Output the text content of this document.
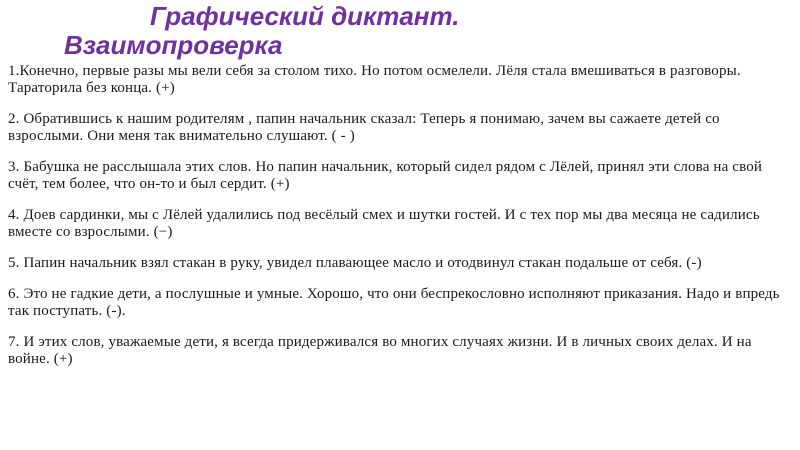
Графический диктант.
Взаимопроверка

1.Конечно, первые разы мы вели себя за столом тихо. Но потом осмелели. Лёля стала вмешиваться в разговоры. Тараторила без конца. (+)

2. Обратившись к нашим родителям , папин начальник сказал: Теперь я понимаю, зачем вы сажаете детей со взрослыми. Они меня так внимательно слушают. ( - )

3. Бабушка не расслышала этих слов. Но папин начальник, который сидел рядом с Лёлей, принял эти слова на свой счёт, тем более, что он-то и был сердит. (+)

4. Доев сардинки, мы с Лёлей удалились под весёлый смех и шутки гостей. И с тех пор мы два месяца не садились вместе со взрослыми. (−)

5. Папин начальник взял стакан в руку, увидел плавающее масло и отодвинул стакан подальше от себя. (-)

6. Это не гадкие дети, а послушные и умные. Хорошо, что они беспрекословно исполняют приказания. Надо и впредь так поступать. (-).

7. И этих слов, уважаемые дети, я всегда придерживался во многих случаях жизни. И в личных своих делах. И на войне. (+)
